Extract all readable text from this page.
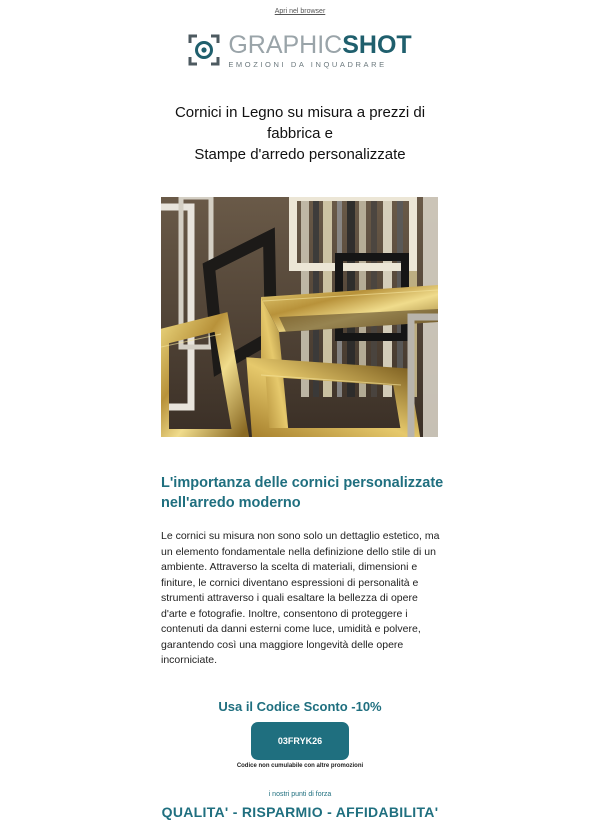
Apri nel browser
GRAPHICSHOT
EMOZIONI DA INQUADRARE
Cornici in Legno su misura a prezzi di fabbrica e
Stampe d'arredo personalizzate
L'importanza delle cornici personalizzate nell'arredo moderno
Le cornici su misura non sono solo un dettaglio estetico, ma un elemento fondamentale nella definizione dello stile di un ambiente. Attraverso la scelta di materiali, dimensioni e finiture, le cornici diventano espressioni di personalità e strumenti attraverso i quali esaltare la bellezza di opere d'arte e fotografie. Inoltre, consentono di proteggere i contenuti da danni esterni come luce, umidità e polvere, garantendo così una maggiore longevità delle opere incorniciate.
Usa il Codice Sconto -10%
03FRYK26
Codice non cumulabile con altre promozioni
i nostri punti di forza
QUALITA' - RISPARMIO - AFFIDABILITA'
